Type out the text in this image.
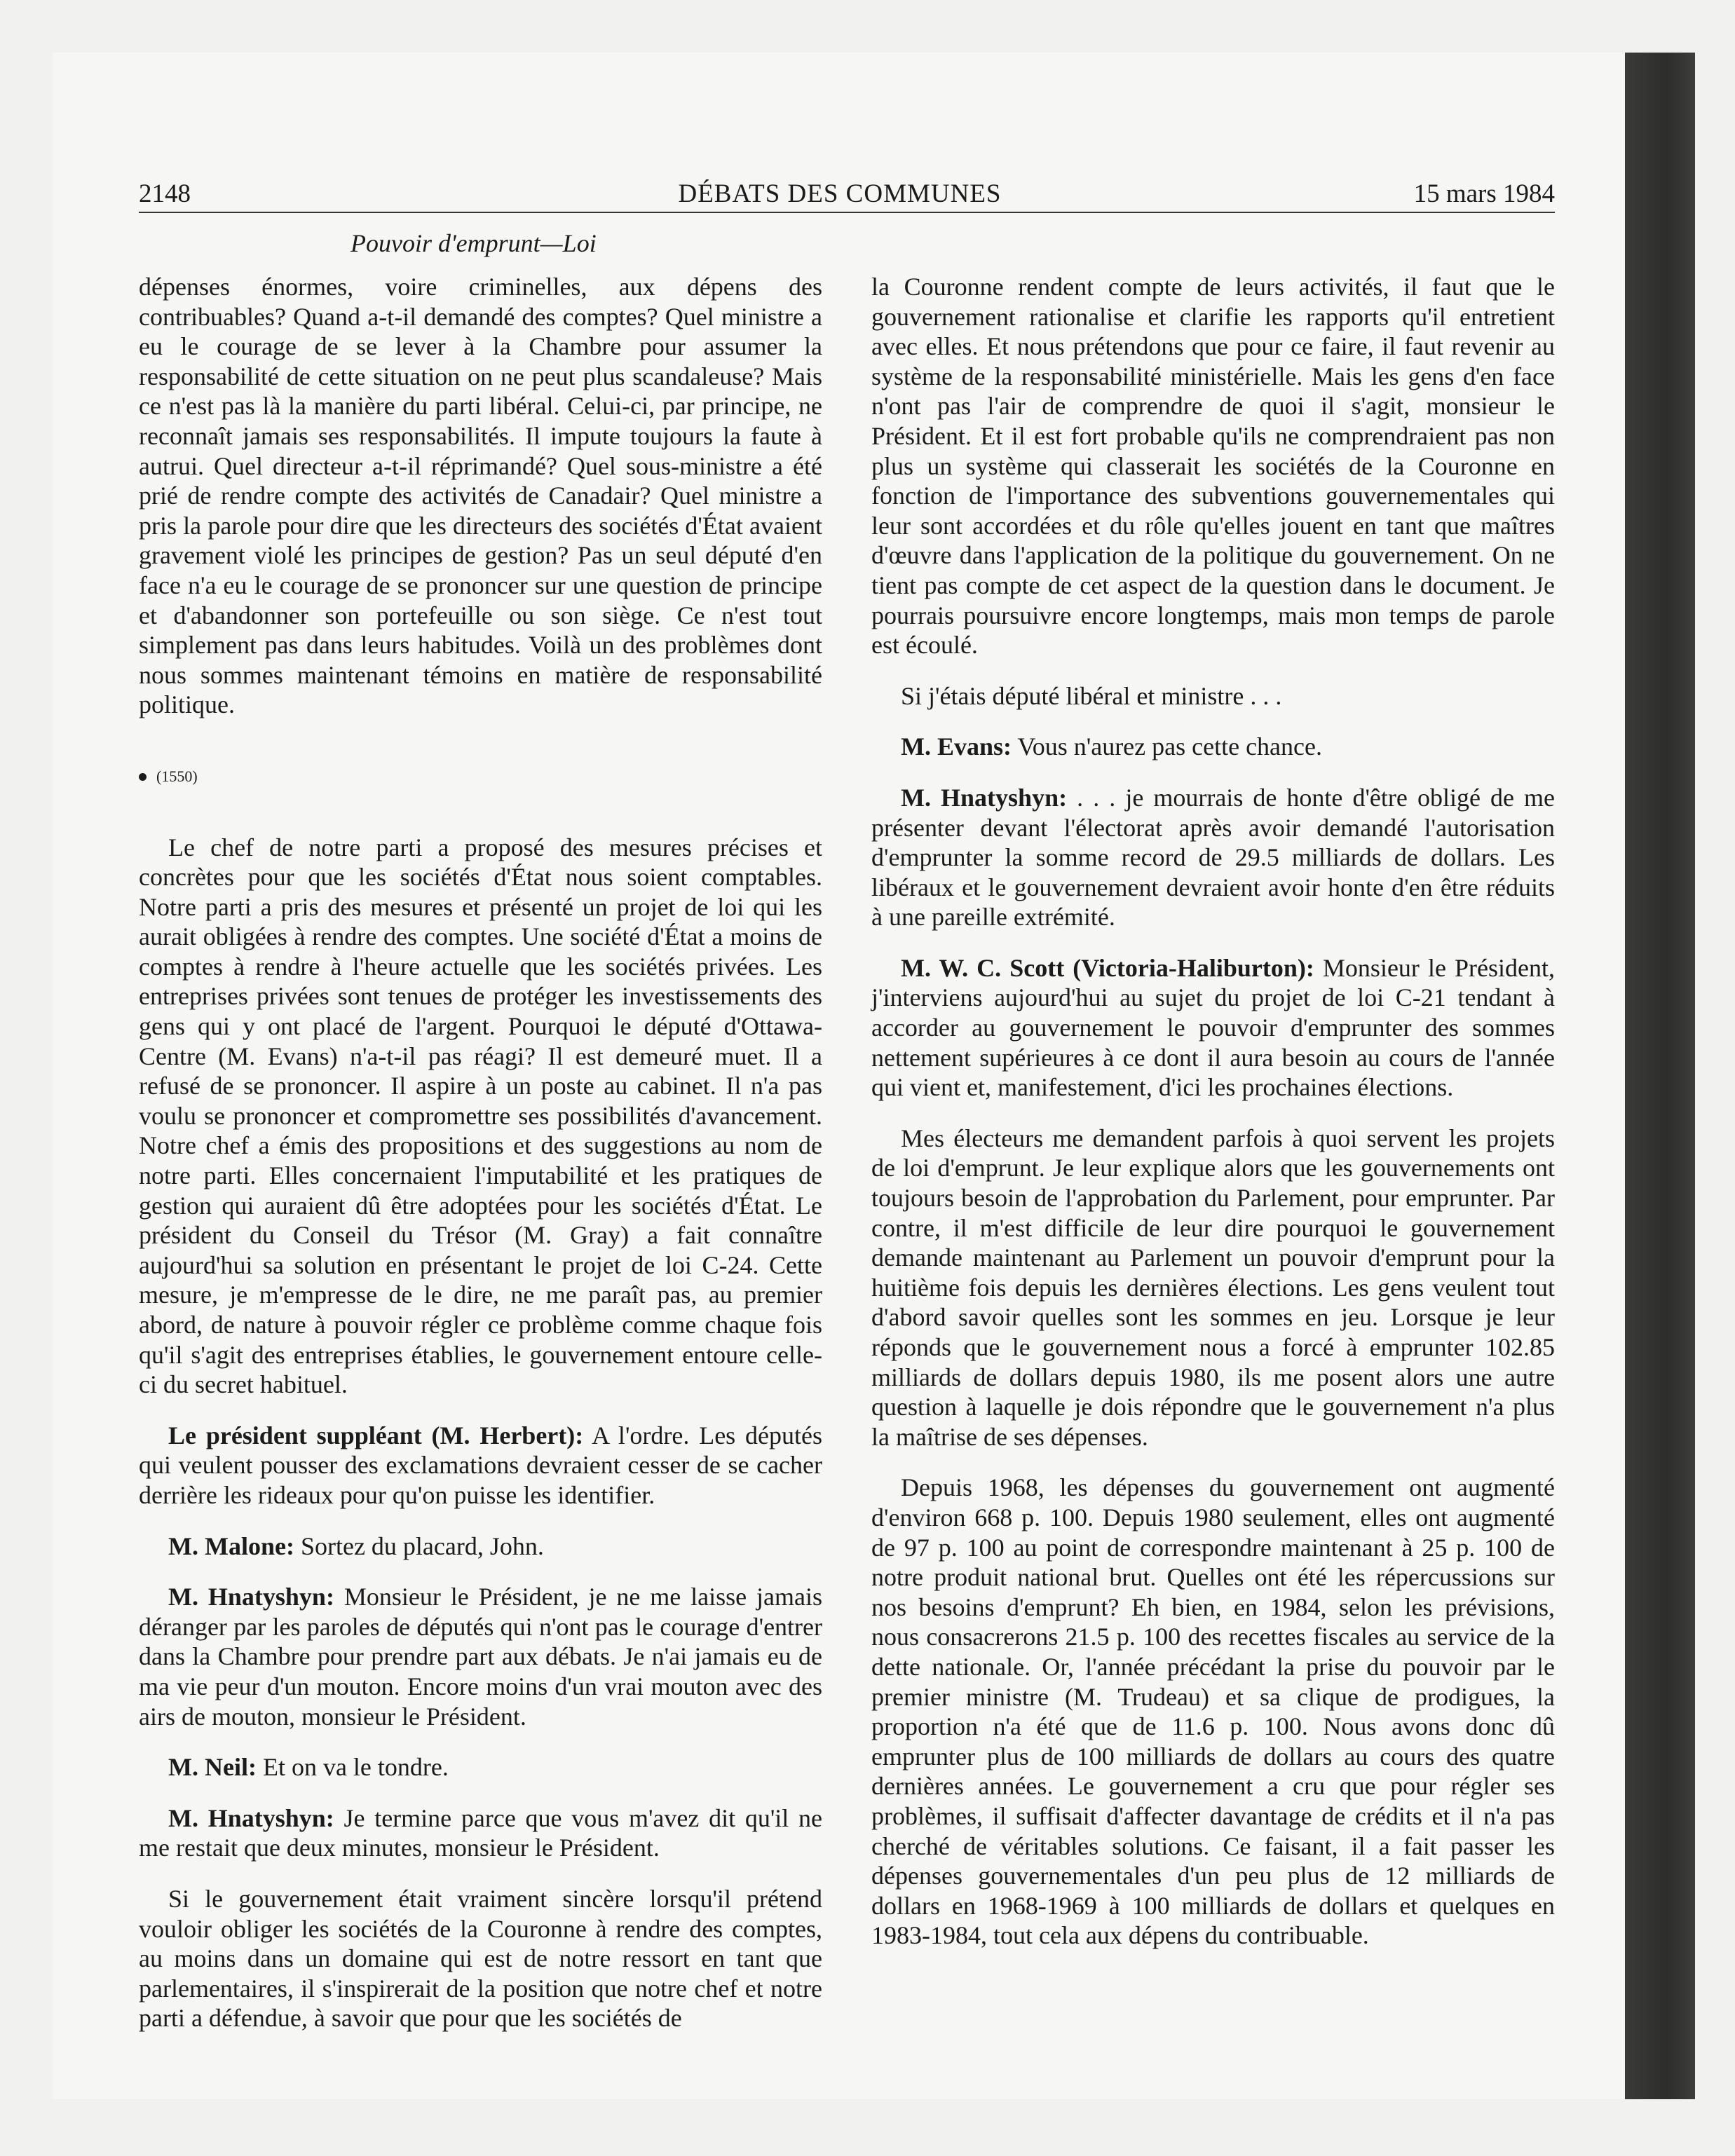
2148	DÉBATS DES COMMUNES	15 mars 1984
Pouvoir d'emprunt—Loi

dépenses énormes, voire criminelles, aux dépens des contribuables? Quand a-t-il demandé des comptes? Quel ministre a eu le courage de se lever à la Chambre pour assumer la responsabilité de cette situation on ne peut plus scandaleuse? Mais ce n'est pas là la manière du parti libéral. Celui-ci, par principe, ne reconnaît jamais ses responsabilités. Il impute toujours la faute à autrui. Quel directeur a-t-il réprimandé? Quel sous-ministre a été prié de rendre compte des activités de Canadair? Quel ministre a pris la parole pour dire que les directeurs des sociétés d'État avaient gravement violé les principes de gestion? Pas un seul député d'en face n'a eu le courage de se prononcer sur une question de principe et d'abandonner son portefeuille ou son siège. Ce n'est tout simplement pas dans leurs habitudes. Voilà un des problèmes dont nous sommes maintenant témoins en matière de responsabilité politique.

(1550)

Le chef de notre parti a proposé des mesures précises et concrètes pour que les sociétés d'État nous soient comptables. Notre parti a pris des mesures et présenté un projet de loi qui les aurait obligées à rendre des comptes. Une société d'État a moins de comptes à rendre à l'heure actuelle que les sociétés privées. Les entreprises privées sont tenues de protéger les investissements des gens qui y ont placé de l'argent. Pourquoi le député d'Ottawa-Centre (M. Evans) n'a-t-il pas réagi? Il est demeuré muet. Il a refusé de se prononcer. Il aspire à un poste au cabinet. Il n'a pas voulu se prononcer et compromettre ses possibilités d'avancement. Notre chef a émis des propositions et des suggestions au nom de notre parti. Elles concernaient l'imputabilité et les pratiques de gestion qui auraient dû être adoptées pour les sociétés d'État. Le président du Conseil du Trésor (M. Gray) a fait connaître aujourd'hui sa solution en présentant le projet de loi C-24. Cette mesure, je m'empresse de le dire, ne me paraît pas, au premier abord, de nature à pouvoir régler ce problème comme chaque fois qu'il s'agit des entreprises établies, le gouvernement entoure celle-ci du secret habituel.

Le président suppléant (M. Herbert): A l'ordre. Les députés qui veulent pousser des exclamations devraient cesser de se cacher derrière les rideaux pour qu'on puisse les identifier.

M. Malone: Sortez du placard, John.

M. Hnatyshyn: Monsieur le Président, je ne me laisse jamais déranger par les paroles de députés qui n'ont pas le courage d'entrer dans la Chambre pour prendre part aux débats. Je n'ai jamais eu de ma vie peur d'un mouton. Encore moins d'un vrai mouton avec des airs de mouton, monsieur le Président.

M. Neil: Et on va le tondre.

M. Hnatyshyn: Je termine parce que vous m'avez dit qu'il ne me restait que deux minutes, monsieur le Président.

Si le gouvernement était vraiment sincère lorsqu'il prétend vouloir obliger les sociétés de la Couronne à rendre des comptes, au moins dans un domaine qui est de notre ressort en tant que parlementaires, il s'inspirerait de la position que notre chef et notre parti a défendue, à savoir que pour que les sociétés de

la Couronne rendent compte de leurs activités, il faut que le gouvernement rationalise et clarifie les rapports qu'il entretient avec elles. Et nous prétendons que pour ce faire, il faut revenir au système de la responsabilité ministérielle. Mais les gens d'en face n'ont pas l'air de comprendre de quoi il s'agit, monsieur le Président. Et il est fort probable qu'ils ne comprendraient pas non plus un système qui classerait les sociétés de la Couronne en fonction de l'importance des subventions gouvernementales qui leur sont accordées et du rôle qu'elles jouent en tant que maîtres d'œuvre dans l'application de la politique du gouvernement. On ne tient pas compte de cet aspect de la question dans le document. Je pourrais poursuivre encore longtemps, mais mon temps de parole est écoulé.

Si j'étais député libéral et ministre . . .

M. Evans: Vous n'aurez pas cette chance.

M. Hnatyshyn: . . . je mourrais de honte d'être obligé de me présenter devant l'électorat après avoir demandé l'autorisation d'emprunter la somme record de 29.5 milliards de dollars. Les libéraux et le gouvernement devraient avoir honte d'en être réduits à une pareille extrémité.

M. W. C. Scott (Victoria-Haliburton): Monsieur le Président, j'interviens aujourd'hui au sujet du projet de loi C-21 tendant à accorder au gouvernement le pouvoir d'emprunter des sommes nettement supérieures à ce dont il aura besoin au cours de l'année qui vient et, manifestement, d'ici les prochaines élections.

Mes électeurs me demandent parfois à quoi servent les projets de loi d'emprunt. Je leur explique alors que les gouvernements ont toujours besoin de l'approbation du Parlement, pour emprunter. Par contre, il m'est difficile de leur dire pourquoi le gouvernement demande maintenant au Parlement un pouvoir d'emprunt pour la huitième fois depuis les dernières élections. Les gens veulent tout d'abord savoir quelles sont les sommes en jeu. Lorsque je leur réponds que le gouvernement nous a forcé à emprunter 102.85 milliards de dollars depuis 1980, ils me posent alors une autre question à laquelle je dois répondre que le gouvernement n'a plus la maîtrise de ses dépenses.

Depuis 1968, les dépenses du gouvernement ont augmenté d'environ 668 p. 100. Depuis 1980 seulement, elles ont augmenté de 97 p. 100 au point de correspondre maintenant à 25 p. 100 de notre produit national brut. Quelles ont été les répercussions sur nos besoins d'emprunt? Eh bien, en 1984, selon les prévisions, nous consacrerons 21.5 p. 100 des recettes fiscales au service de la dette nationale. Or, l'année précédant la prise du pouvoir par le premier ministre (M. Trudeau) et sa clique de prodigues, la proportion n'a été que de 11.6 p. 100. Nous avons donc dû emprunter plus de 100 milliards de dollars au cours des quatre dernières années. Le gouvernement a cru que pour régler ses problèmes, il suffisait d'affecter davantage de crédits et il n'a pas cherché de véritables solutions. Ce faisant, il a fait passer les dépenses gouvernementales d'un peu plus de 12 milliards de dollars en 1968-1969 à 100 milliards de dollars et quelques en 1983-1984, tout cela aux dépens du contribuable.
